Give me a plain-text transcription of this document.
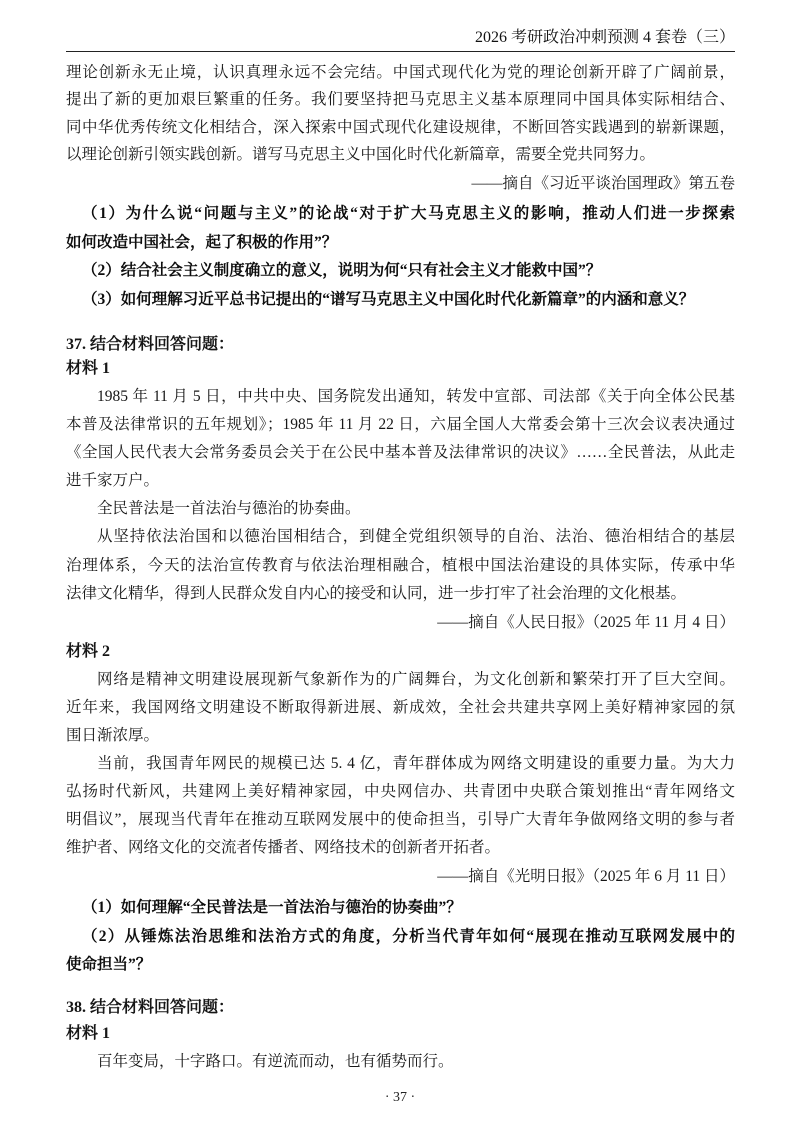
2026 考研政治冲刺预测 4 套卷（三）
理论创新永无止境，认识真理永远不会完结。中国式现代化为党的理论创新开辟了广阔前景，
提出了新的更加艰巨繁重的任务。我们要坚持把马克思主义基本原理同中国具体实际相结合、
同中华优秀传统文化相结合，深入探索中国式现代化建设规律，不断回答实践遇到的崭新课题，
以理论创新引领实践创新。谱写马克思主义中国化时代化新篇章，需要全党共同努力。
——摘自《习近平谈治国理政》第五卷
（1）为什么说“问题与主义”的论战“对于扩大马克思主义的影响，推动人们进一步探索
如何改造中国社会，起了积极的作用”？
（2）结合社会主义制度确立的意义，说明为何“只有社会主义才能救中国”？
（3）如何理解习近平总书记提出的“谱写马克思主义中国化时代化新篇章”的内涵和意义？
37. 结合材料回答问题：
材料 1
1985 年 11 月 5 日，中共中央、国务院发出通知，转发中宣部、司法部《关于向全体公民基
本普及法律常识的五年规划》；1985 年 11 月 22 日，六届全国人大常委会第十三次会议表决通过
《全国人民代表大会常务委员会关于在公民中基本普及法律常识的决议》……全民普法，从此走
进千家万户。
全民普法是一首法治与德治的协奏曲。
从坚持依法治国和以德治国相结合，到健全党组织领导的自治、法治、德治相结合的基层
治理体系，今天的法治宣传教育与依法治理相融合，植根中国法治建设的具体实际，传承中华
法律文化精华，得到人民群众发自内心的接受和认同，进一步打牢了社会治理的文化根基。
——摘自《人民日报》（2025 年 11 月 4 日）
材料 2
网络是精神文明建设展现新气象新作为的广阔舞台，为文化创新和繁荣打开了巨大空间。
近年来，我国网络文明建设不断取得新进展、新成效，全社会共建共享网上美好精神家园的氛
围日渐浓厚。
当前，我国青年网民的规模已达 5. 4 亿，青年群体成为网络文明建设的重要力量。为大力
弘扬时代新风，共建网上美好精神家园，中央网信办、共青团中央联合策划推出“青年网络文
明倡议”，展现当代青年在推动互联网发展中的使命担当，引导广大青年争做网络文明的参与者
维护者、网络文化的交流者传播者、网络技术的创新者开拓者。
——摘自《光明日报》（2025 年 6 月 11 日）
（1）如何理解“全民普法是一首法治与德治的协奏曲”？
（2）从锤炼法治思维和法治方式的角度，分析当代青年如何“展现在推动互联网发展中的
使命担当”？
38. 结合材料回答问题：
材料 1
百年变局，十字路口。有逆流而动，也有循势而行。
· 37 ·
